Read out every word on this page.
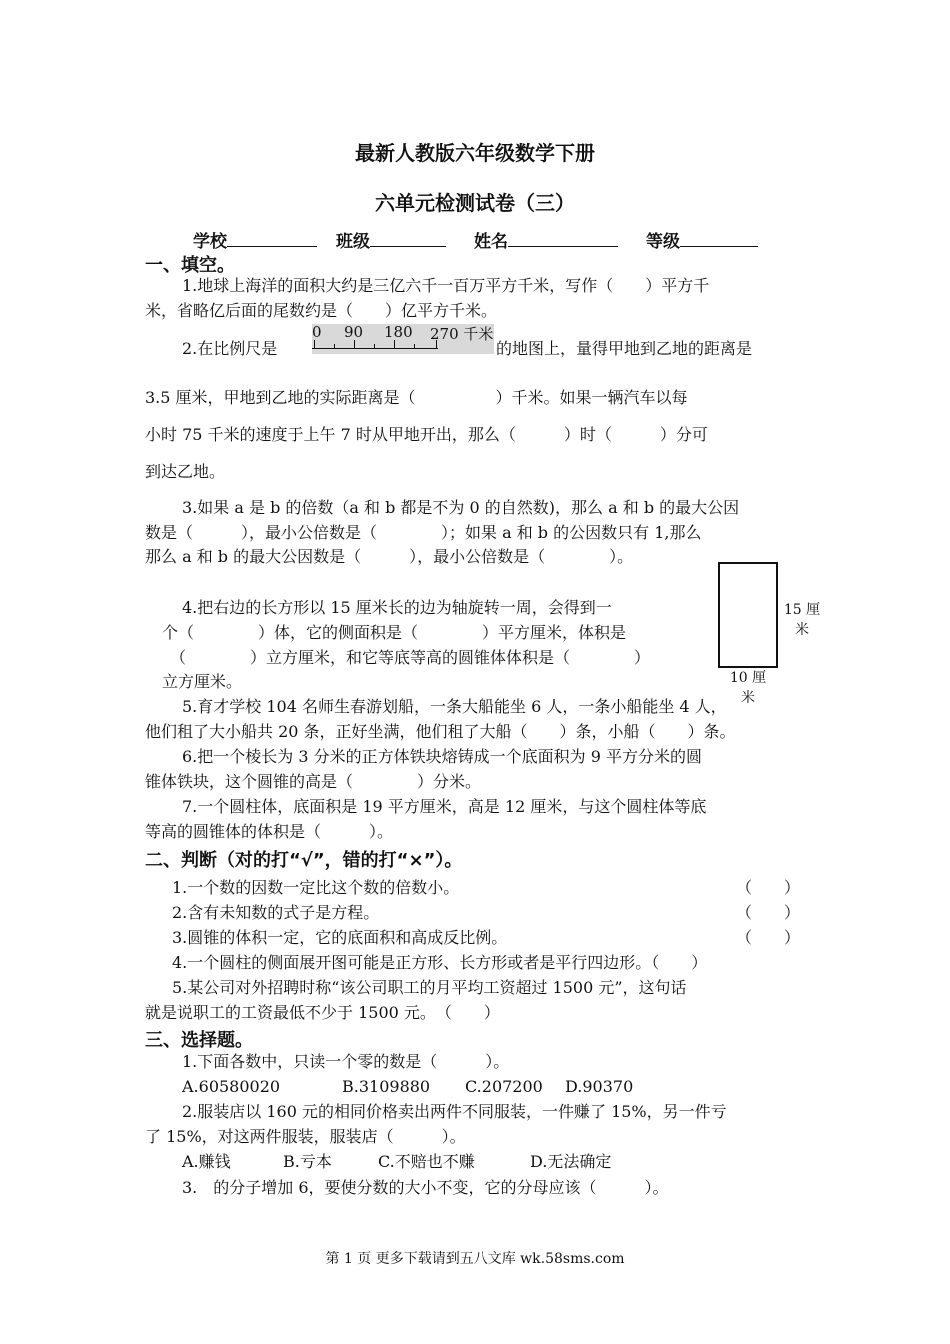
最新人教版六年级数学下册
六单元检测试卷（三）
学校	班级	姓名	等级
一、填空。
1.地球上海洋的面积大约是三亿六千一百万平方千米，写作（　　）平方千
米，省略亿后面的尾数约是（　　）亿平方千米。
2.在比例尺是
0 90 180 270 千米
的地图上，量得甲地到乙地的距离是
3.5 厘米，甲地到乙地的实际距离是（　　　　　）千米。如果一辆汽车以每
小时 75 千米的速度于上午 7 时从甲地开出，那么（　　　）时（　　　）分可
到达乙地。
3.如果 a 是 b 的倍数（a 和 b 都是不为 0 的自然数)，那么 a 和 b 的最大公因
数是（　　　），最小公倍数是（　　　　）；如果 a 和 b 的公因数只有 1,那么
那么 a 和 b 的最大公因数是（　　　），最小公倍数是（　　　　）。
4.把右边的长方形以 15 厘米长的边为轴旋转一周，会得到一
个（　　　　）体，它的侧面积是（　　　　）平方厘米，体积是
（　　　　）立方厘米，和它等底等高的圆锥体体积是（　　　　）
立方厘米。
15 厘米
10 厘米
5.育才学校 104 名师生春游划船，一条大船能坐 6 人，一条小船能坐 4 人，
他们租了大小船共 20 条，正好坐满，他们租了大船（　　）条，小船（　　）条。
6.把一个棱长为 3 分米的正方体铁块熔铸成一个底面积为 9 平方分米的圆
锥体铁块，这个圆锥的高是（　　　　）分米。
7.一个圆柱体，底面积是 19 平方厘米，高是 12 厘米，与这个圆柱体等底
等高的圆锥体的体积是（　　　）。
二、判断（对的打“√”，错的打“×”）。
1.一个数的因数一定比这个数的倍数小。	（　　）
2.含有未知数的式子是方程。	（　　）
3.圆锥的体积一定，它的底面积和高成反比例。	（　　）
4.一个圆柱的侧面展开图可能是正方形、长方形或者是平行四边形。（　　）
5.某公司对外招聘时称“该公司职工的月平均工资超过 1500 元”，这句话
就是说职工的工资最低不少于 1500 元。　（　　）
三、选择题。
1.下面各数中，只读一个零的数是（　　　）。
A.60580020	B.3109880 C.207200 D.90370
2.服装店以 160 元的相同价格卖出两件不同服装，一件赚了 15%，另一件亏
了 15%，对这两件服装，服装店（　　　）。
A.赚钱	B.亏本	C.不赔也不赚	D.无法确定
3.　的分子增加 6，要使分数的大小不变，它的分母应该（　　　）。
第 1 页 更多下载请到五八文库 wk.58sms.com
